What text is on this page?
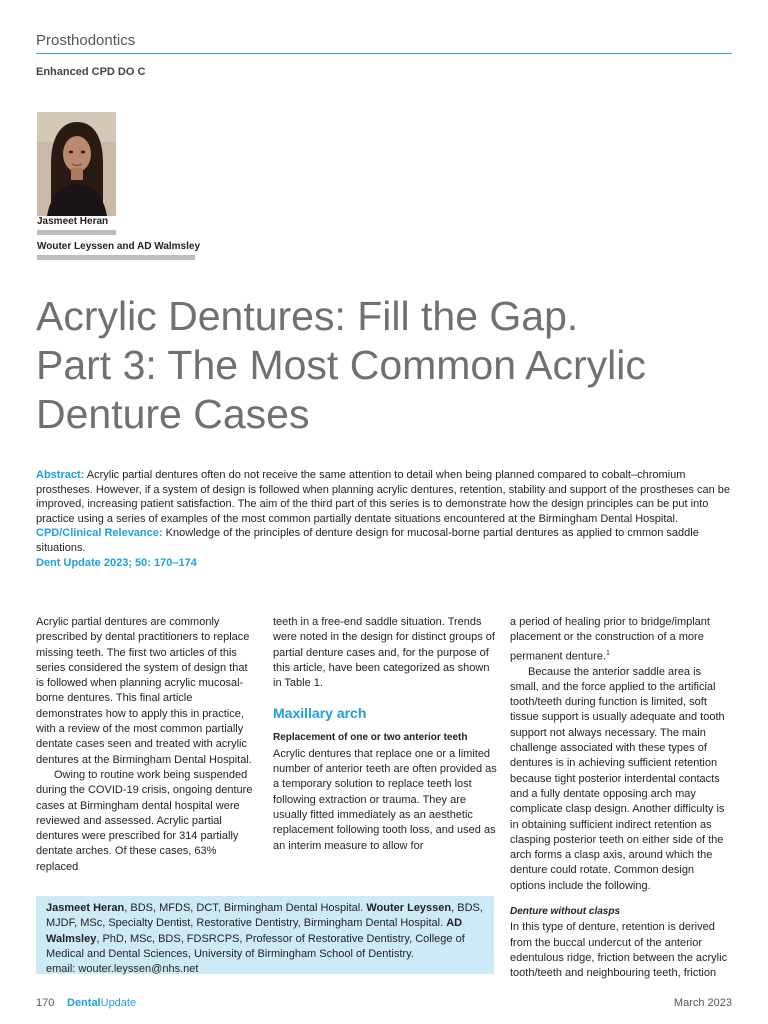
Prosthodontics
Enhanced CPD DO C
Jasmeet Heran
Wouter Leyssen and AD Walmsley
Acrylic Dentures: Fill the Gap.
Part 3: The Most Common Acrylic
Denture Cases

Abstract: Acrylic partial dentures often do not receive the same attention to detail when being planned compared to cobalt–chromium prostheses. However, if a system of design is followed when planning acrylic dentures, retention, stability and support of the prostheses can be improved, increasing patient satisfaction. The aim of the third part of this series is to demonstrate how the design principles can be put into practice using a series of examples of the most common partially dentate situations encountered at the Birmingham Dental Hospital.

CPD/Clinical Relevance: Knowledge of the principles of denture design for mucosal-borne partial dentures as applied to cmmon saddle situations.

Dent Update 2023; 50: 170–174

Acrylic partial dentures are commonly prescribed by dental practitioners to replace missing teeth. The first two articles of this series considered the system of design that is followed when planning acrylic mucosal-borne dentures. This final article demonstrates how to apply this in practice, with a review of the most common partially dentate cases seen and treated with acrylic dentures at the Birmingham Dental Hospital.

Owing to routine work being suspended during the COVID-19 crisis, ongoing denture cases at Birmingham dental hospital were reviewed and assessed. Acrylic partial dentures were prescribed for 314 partially dentate arches. Of these cases, 63% replaced

teeth in a free-end saddle situation. Trends were noted in the design for distinct groups of partial denture cases and, for the purpose of this article, have been categorized as shown in Table 1.

Maxillary arch
Replacement of one or two anterior teeth

Acrylic dentures that replace one or a limited number of anterior teeth are often provided as a temporary solution to replace teeth lost following extraction or trauma. They are usually fitted immediately as an aesthetic replacement following tooth loss, and used as an interim measure to allow for

a period of healing prior to bridge/implant placement or the construction of a more permanent denture.$^1$

Because the anterior saddle area is small, and the force applied to the artificial tooth/teeth during function is limited, soft tissue support is usually adequate and tooth support not always necessary. The main challenge associated with these types of dentures is in achieving sufficient retention because tight posterior interdental contacts and a fully dentate opposing arch may complicate clasp design. Another difficulty is in obtaining sufficient indirect retention as clasping posterior teeth on either side of the arch forms a clasp axis, around which the denture could rotate. Common design options include the following.

Denture without clasps

In this type of denture, retention is derived from the buccal undercut of the anterior edentulous ridge, friction between the acrylic tooth/teeth and neighbouring teeth, friction

Jasmeet Heran, BDS, MFDS, DCT, Birmingham Dental Hospital. Wouter Leyssen, BDS, MJDF, MSc, Specialty Dentist, Restorative Dentistry, Birmingham Dental Hospital. AD Walmsley, PhD, MSc, BDS, FDSRCPS, Professor of Restorative Dentistry, College of Medical and Dental Sciences, University of Birmingham School of Dentistry.
email: wouter.leyssen@nhs.net
170 DentalUpdate	March 2023
